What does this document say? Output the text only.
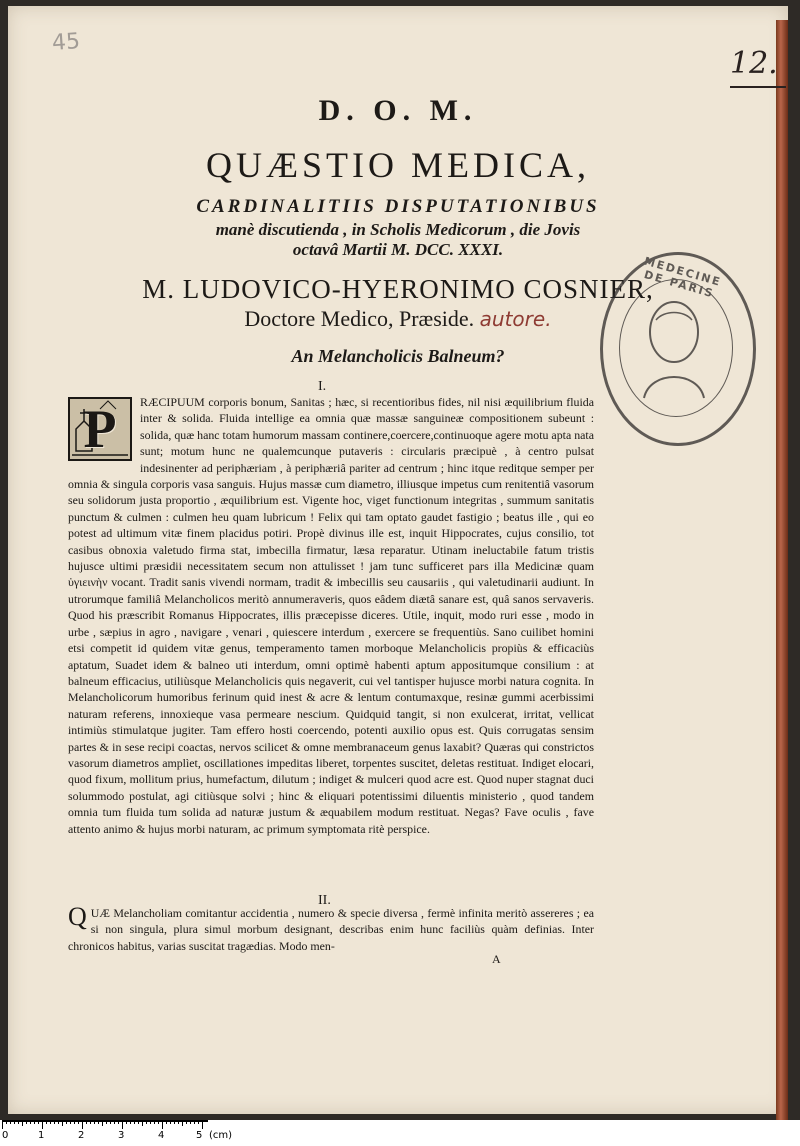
45
12.
D. O. M.
QUÆSTIO MEDICA,
CARDINALITIIS DISPUTATIONIBUS
manè discutienda , in Scholis Medicorum , die Jovis
octavâ Martii M. DCC. XXXI.
M. LUDOVICO-HYERONIMO COSNIER,
Doctore Medico, Præside. autore.
An Melancholicis Balneum?
MEDECINE DE PARIS
I.
P	RÆCIPUUM corporis bonum, Sanitas ; hæc, si recentioribus fides, nil nisi æquilibrium fluida inter & solida. Fluida intellige ea omnia quæ massæ sanguineæ compositionem subeunt : solida, quæ hanc totam humorum massam continere,coercere,continuoque agere motu apta nata sunt; motum hunc ne qualemcunque putaveris : circularis præcipuè , à centro pulsat indesinenter ad periphæriam , à periphæriâ pariter ad centrum ; hinc itque reditque semper per omnia & singula corporis vasa sanguis. Hujus massæ cum diametro, illiusque impetus cum renitentiâ vasorum seu solidorum justa proportio , æquilibrium est. Vigente hoc, viget functionum integritas , summum sanitatis punctum & culmen : culmen heu quam lubricum ! Felix qui tam optato gaudet fastigio ; beatus ille , qui eo potest ad ultimum vitæ finem placidus potiri. Propè divinus ille est, inquit Hippocrates, cujus consilio, tot casibus obnoxia valetudo firma stat, imbecilla firmatur, læsa reparatur. Utinam ineluctabile fatum tristis hujusce ultimi præsidii necessitatem secum non attulisset ! jam tunc sufficeret pars illa Medicinæ quam ὑγιεινὴν vocant. Tradit sanis vivendi normam, tradit & imbecillis seu causariis , qui valetudinarii audiunt. In utrorumque familiâ Melancholicos meritò annumeraveris, quos eâdem diætâ sanare est, quâ sanos servaveris. Quod his præscribit Romanus Hippocrates, illis præcepisse diceres. Utile, inquit, modo ruri esse , modo in urbe , sæpius in agro , navigare , venari , quiescere interdum , exercere se frequentiùs. Sano cuilibet homini etsi competit id quidem vitæ genus, temperamento tamen morboque Melancholicis propiùs & efficaciùs aptatum, Suadet idem & balneo uti interdum, omni optimè habenti aptum appositumque consilium : at balneum efficacius, utiliùsque Melancholicis quis negaverit, cui vel tantisper hujusce morbi natura cognita. In Melancholicorum humoribus ferinum quid inest & acre & lentum contumaxque, resinæ gummi acerbissimi naturam referens, innoxieque vasa permeare nescium. Quidquid tangit, si non exulcerat, irritat, vellicat intimiùs stimulatque jugiter. Tam effero hosti coercendo, potenti auxilio opus est. Quis corrugatas sensim partes & in sese recipi coactas, nervos scilicet & omne membranaceum genus laxabit? Quæras qui constrictos vasorum diametros amplìet, oscillationes impeditas liberet, torpentes suscitet, deletas restituat. Indiget elocari, quod fixum, mollitum prius, humefactum, dilutum ; indiget & mulceri quod acre est. Quod nuper stagnat duci solummodo postulat, agi citiùsque solvi ; hinc & eliquari potentissimi diluentis ministerio , quod tandem omnia tum fluida tum solida ad naturæ justum & æquabilem modum restituat. Negas? Fave oculis , fave attento animo & hujus morbi naturam, ac primum symptomata ritè perspice.
II.
Q UÆ Melancholiam comitantur accidentia , numero & specie diversa , fermè infinita meritò assereres ; ea si non singula, plura simul morbum designant, describas enim hunc faciliùs quàm definias. Inter chronicos habitus, varias suscitat tragædias. Modo men-
A
0	1	2	3	4	5 (cm)
